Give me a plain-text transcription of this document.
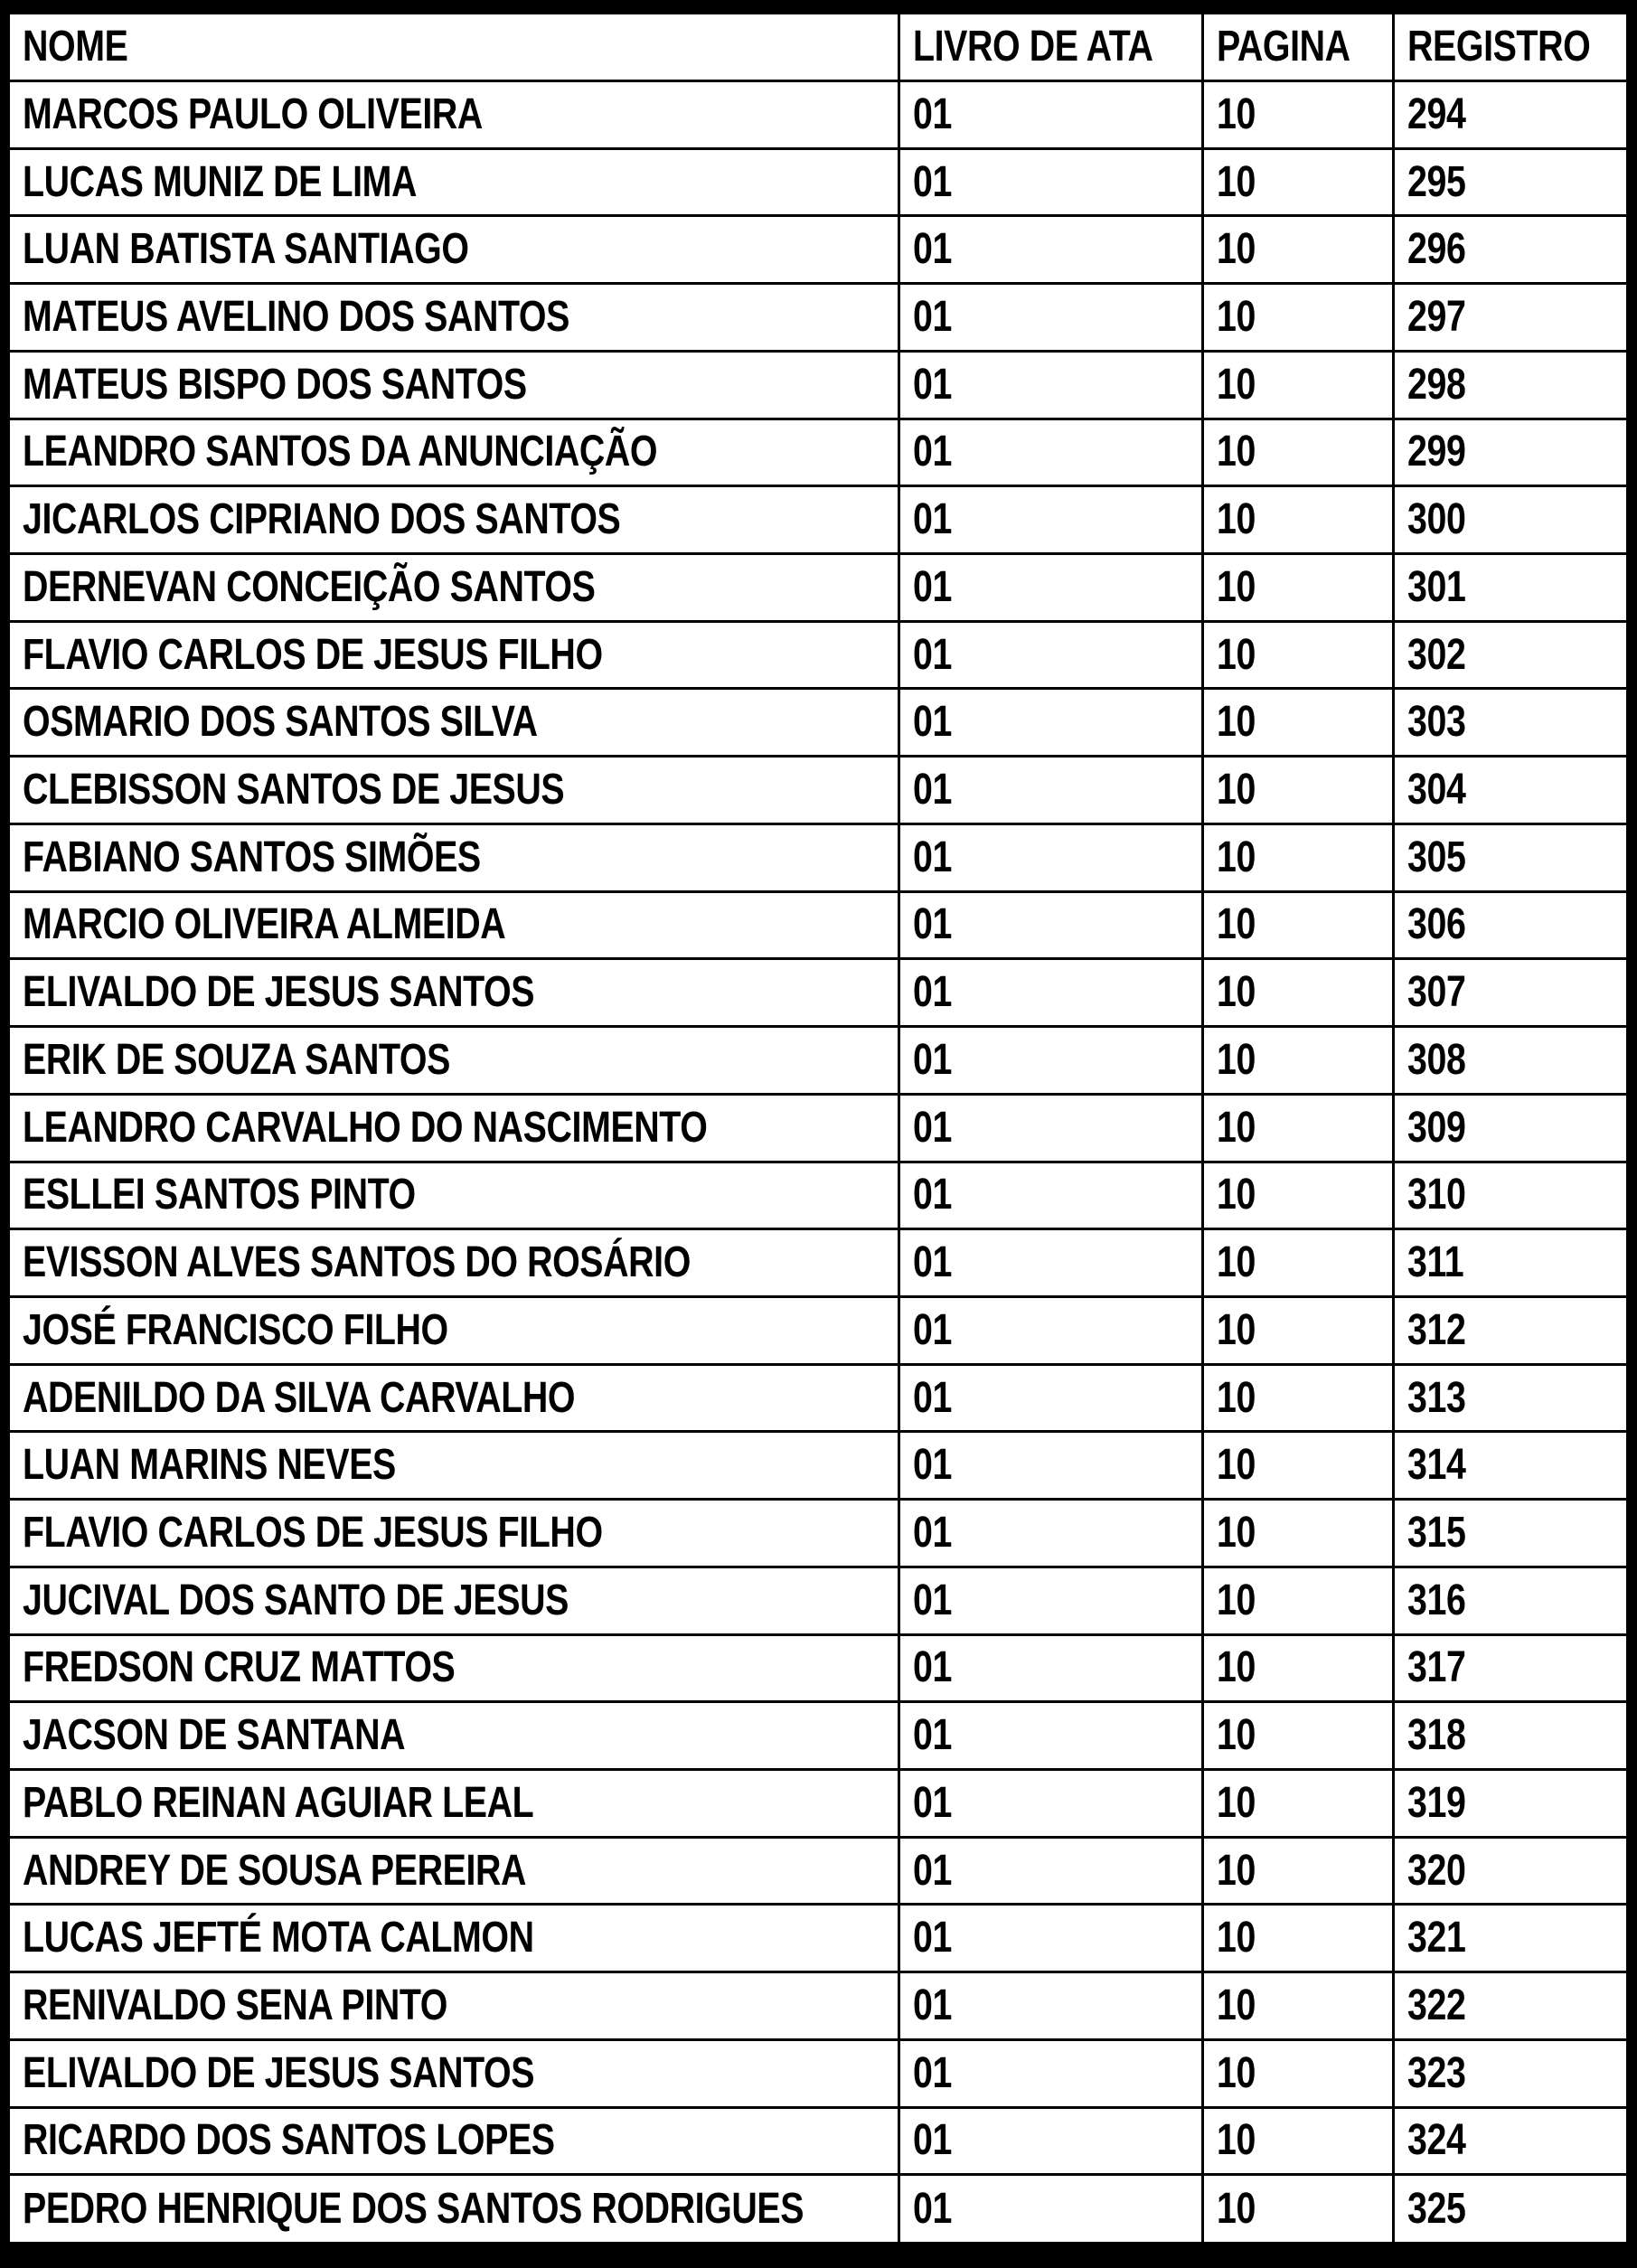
NOME	LIVRO DE ATA	PAGINA	REGISTRO
MARCOS PAULO OLIVEIRA	01	10	294
LUCAS MUNIZ DE LIMA	01	10	295
LUAN BATISTA SANTIAGO	01	10	296
MATEUS AVELINO DOS SANTOS	01	10	297
MATEUS BISPO DOS SANTOS	01	10	298
LEANDRO SANTOS DA ANUNCIAÇÃO	01	10	299
JICARLOS CIPRIANO DOS SANTOS	01	10	300
DERNEVAN CONCEIÇÃO SANTOS	01	10	301
FLAVIO CARLOS DE JESUS FILHO	01	10	302
OSMARIO DOS SANTOS SILVA	01	10	303
CLEBISSON SANTOS DE JESUS	01	10	304
FABIANO SANTOS SIMÕES	01	10	305
MARCIO OLIVEIRA ALMEIDA	01	10	306
ELIVALDO DE JESUS SANTOS	01	10	307
ERIK DE SOUZA SANTOS	01	10	308
LEANDRO CARVALHO DO NASCIMENTO	01	10	309
ESLLEI SANTOS PINTO	01	10	310
EVISSON ALVES SANTOS DO ROSÁRIO	01	10	311
JOSÉ FRANCISCO FILHO	01	10	312
ADENILDO DA SILVA CARVALHO	01	10	313
LUAN MARINS NEVES	01	10	314
FLAVIO CARLOS DE JESUS FILHO	01	10	315
JUCIVAL DOS SANTO DE JESUS	01	10	316
FREDSON CRUZ MATTOS	01	10	317
JACSON DE SANTANA	01	10	318
PABLO REINAN AGUIAR LEAL	01	10	319
ANDREY DE SOUSA PEREIRA	01	10	320
LUCAS JEFTÉ MOTA CALMON	01	10	321
RENIVALDO SENA PINTO	01	10	322
ELIVALDO DE JESUS SANTOS	01	10	323
RICARDO DOS SANTOS LOPES	01	10	324
PEDRO HENRIQUE DOS SANTOS RODRIGUES	01	10	325
